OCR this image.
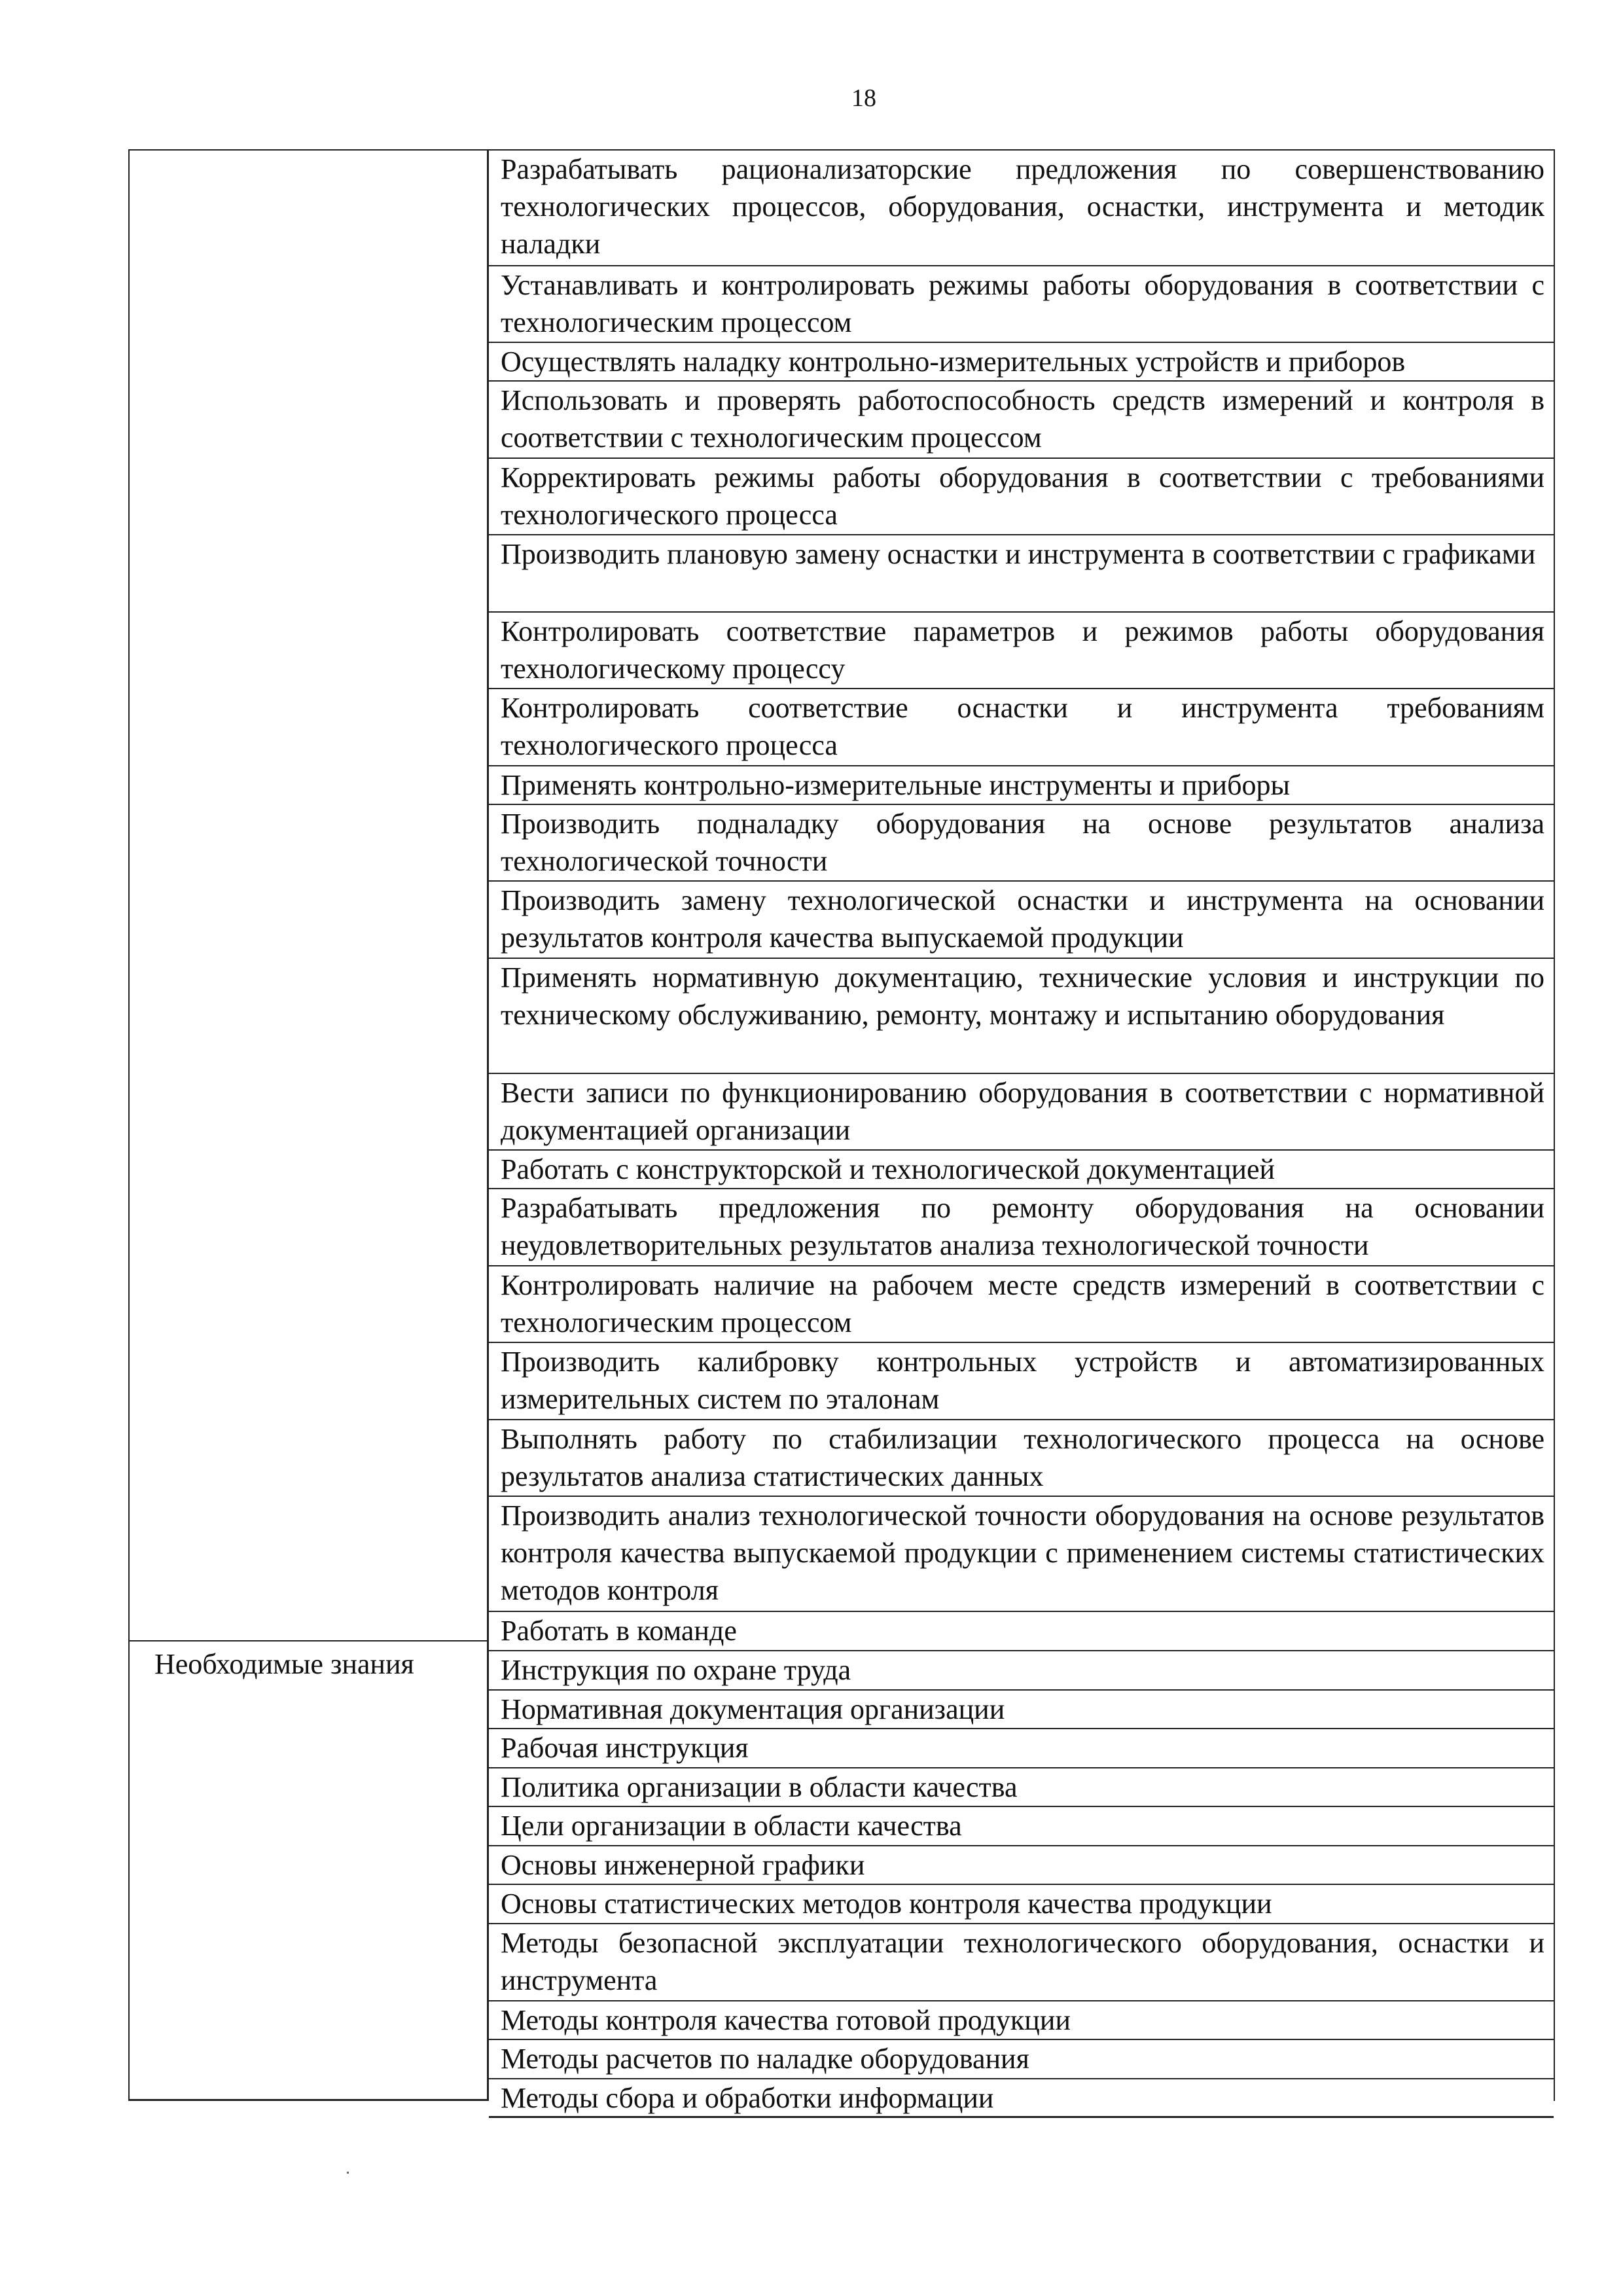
18
Необходимые знания
Разрабатывать рационализаторские предложения по совершенствованию технологических процессов, оборудования, оснастки, инструмента и методик наладки
Устанавливать и контролировать режимы работы оборудования в соответствии с технологическим процессом
Осуществлять наладку контрольно-измерительных устройств и приборов
Использовать и проверять работоспособность средств измерений и контроля в соответствии с технологическим процессом
Корректировать режимы работы оборудования в соответствии с требованиями технологического процесса
Производить плановую замену оснастки и инструмента в соответствии с графиками
Контролировать соответствие параметров и режимов работы оборудования технологическому процессу
Контролировать соответствие оснастки и инструмента требованиям технологического процесса
Применять контрольно-измерительные инструменты и приборы
Производить подналадку оборудования на основе результатов анализа технологической точности
Производить замену технологической оснастки и инструмента на основании результатов контроля качества выпускаемой продукции
Применять нормативную документацию, технические условия и инструкции по техническому обслуживанию, ремонту, монтажу и испытанию оборудования
Вести записи по функционированию оборудования в соответствии с нормативной документацией организации
Работать с конструкторской и технологической документацией
Разрабатывать предложения по ремонту оборудования на основании неудовлетворительных результатов анализа технологической точности
Контролировать наличие на рабочем месте средств измерений в соответствии с технологическим процессом
Производить калибровку контрольных устройств и автоматизированных измерительных систем по эталонам
Выполнять работу по стабилизации технологического процесса на основе результатов анализа статистических данных
Производить анализ технологической точности оборудования на основе результатов контроля качества выпускаемой продукции с применением системы статистических методов контроля
Работать в команде
Инструкция по охране труда
Нормативная документация организации
Рабочая инструкция
Политика организации в области качества
Цели организации в области качества
Основы инженерной графики
Основы статистических методов контроля качества продукции
Методы безопасной эксплуатации технологического оборудования, оснастки и инструмента
Методы контроля качества готовой продукции
Методы расчетов по наладке оборудования
Методы сбора и обработки информации
